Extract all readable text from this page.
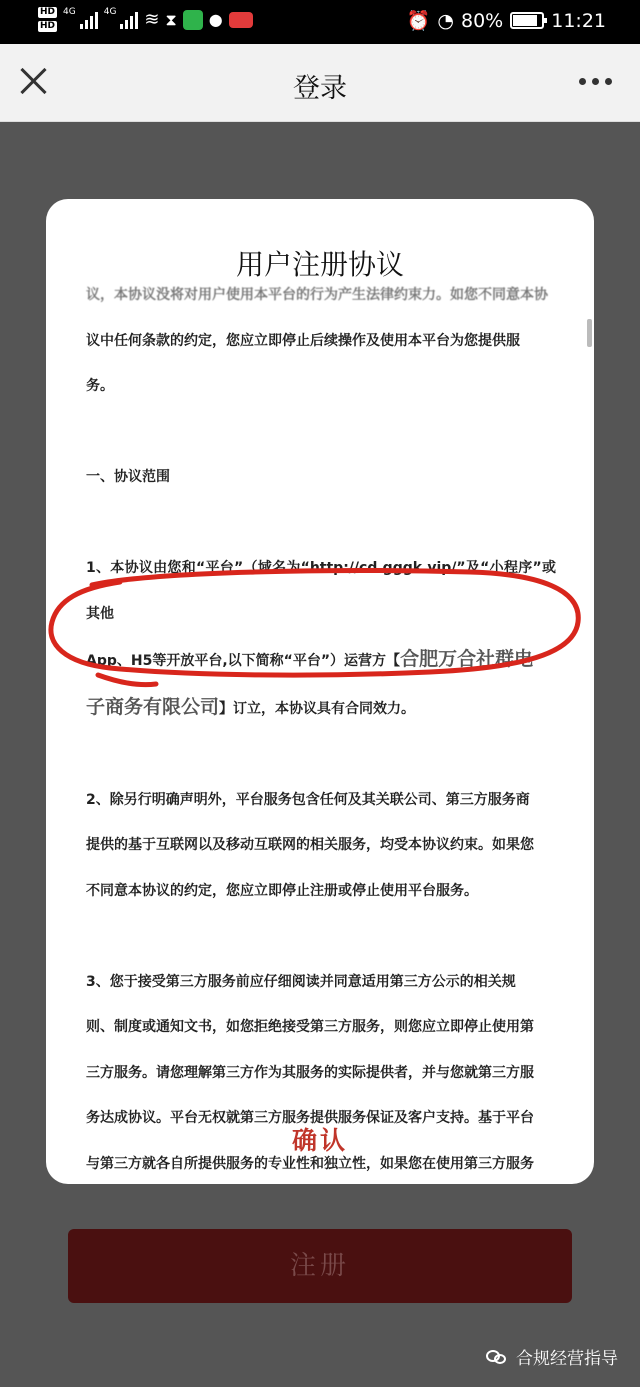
HD
HD
4G	4G ≋ ⧗ ●	⏰ ◔ 80%	11:21
登录
注册
合规经营指导
用户注册协议

议，本协议没将对用户使用本平台的行为产生法律约束力。如您不同意本协

议中任何条款的约定，您应立即停止后续操作及使用本平台为您提供服

务。

一、协议范围

1、本协议由您和“平台”（域名为“http://cd.gggk.vip/”及“小程序”或其他

App、H5等开放平台,以下简称“平台”）运营方【合肥万合社群电

子商务有限公司】订立，本协议具有合同效力。

2、除另行明确声明外，平台服务包含任何及其关联公司、第三方服务商

提供的基于互联网以及移动互联网的相关服务，均受本协议约束。如果您

不同意本协议的约定，您应立即停止注册或停止使用平台服务。

3、您于接受第三方服务前应仔细阅读并同意适用第三方公示的相关规

则、制度或通知文书，如您拒绝接受第三方服务，则您应立即停止使用第

三方服务。请您理解第三方作为其服务的实际提供者，并与您就第三方服

务达成协议。平台无权就第三方服务提供服务保证及客户支持。基于平台

与第三方就各自所提供服务的专业性和独立性，如果您在使用第三方服务

确认
